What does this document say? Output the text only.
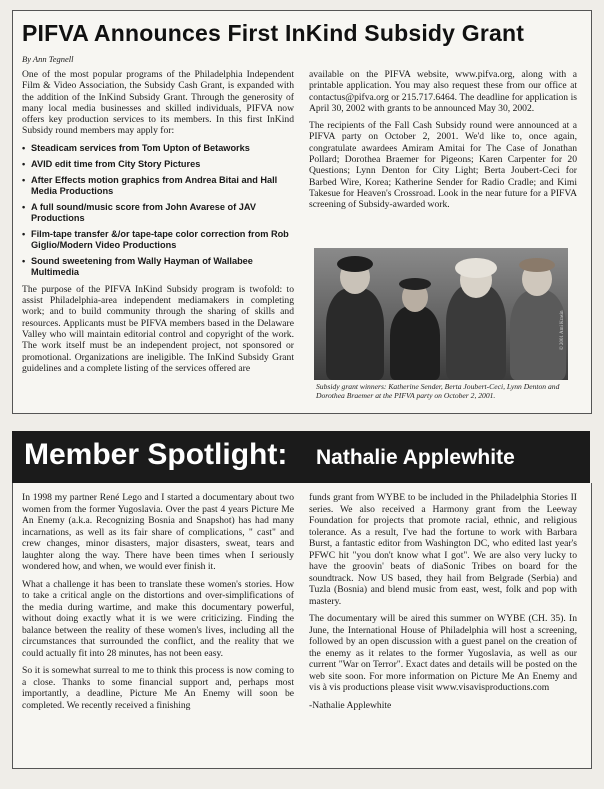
PIFVA Announces First InKind Subsidy Grant
By Ann Tegnell

One of the most popular programs of the Philadelphia Independent Film & Video Association, the Subsidy Cash Grant, is expanded with the addition of the InKind Subsidy Grant. Through the generosity of many local media businesses and skilled individuals, PIFVA now offers key production services to its members. In this first InKind Subsidy round members may apply for:

• Steadicam services from Tom Upton of Betaworks
• AVID edit time from City Story Pictures
• After Effects motion graphics from Andrea Bitai and Hall Media Productions
• A full sound/music score from John Avarese of JAV Productions
• Film-tape transfer &/or tape-tape color correction from Rob Giglio/Modern Video Productions
• Sound sweetening from Wally Hayman of Wallabee Multimedia

The purpose of the PIFVA InKind Subsidy program is twofold: to assist Philadelphia-area independent mediamakers in completing work; and to build community through the sharing of skills and resources. Applicants must be PIFVA members based in the Delaware Valley who will maintain editorial control and copyright of the work. The work itself must be an independent project, not sponsored or promotional. Organizations are ineligible. The InKind Subsidy Grant guidelines and a complete listing of the services offered are

available on the PIFVA website, www.pifva.org, along with a printable application. You may also request these from our office at contactus@pifva.org or 215.717.6464. The deadline for application is April 30, 2002 with grants to be announced May 30, 2002.

The recipients of the Fall Cash Subsidy round were announced at a PIFVA party on October 2, 2001. We'd like to, once again, congratulate awardees Amiram Amitai for The Case of Jonathan Pollard; Dorothea Braemer for Pigeons; Karen Carpenter for 20 Questions; Lynn Denton for City Light; Berta Joubert-Ceci for Barbed Wire, Korea; Katherine Sender for Radio Cradle; and Kimi Takesue for Heaven's Crossroad. Look in the near future for a PIFVA screening of Subsidy-awarded work.

© 2001 Ami Krasin
Subsidy grant winners: Katherine Sender, Berta Joubert-Ceci, Lynn Denton and Dorothea Braemer at the PIFVA party on October 2, 2001.
Member Spotlight: Nathalie Applewhite

In 1998 my partner René Lego and I started a documentary about two women from the former Yugoslavia. Over the past 4 years Picture Me An Enemy (a.k.a. Recognizing Bosnia and Snapshot) has had many incarnations, as well as its fair share of complications, " cast" and crew changes, minor disasters, major disasters, sweat, tears and laughter along the way. There have been times when I seriously wondered how, and when, we would ever finish it.

What a challenge it has been to translate these women's stories. How to take a critical angle on the distortions and over-simplifications of the media during wartime, and make this documentary powerful, without doing exactly what it is we were criticizing. Finding the balance between the reality of these women's lives, including all the circumstances that surrounded the conflict, and the reality that we could actually fit into 28 minutes, has not been easy.

So it is somewhat surreal to me to think this process is now coming to a close. Thanks to some financial support and, perhaps most importantly, a deadline, Picture Me An Enemy will soon be completed. We recently received a finishing

funds grant from WYBE to be included in the Philadelphia Stories II series. We also received a Harmony grant from the Leeway Foundation for projects that promote racial, ethnic, and religious tolerance. As a result, I've had the fortune to work with Barbara Burst, a fantastic editor from Washington DC, who edited last year's PFWC hit "you don't know what I got". We are also very lucky to have the groovin' beats of diaSonic Tribes on board for the soundtrack. Now US based, they hail from Belgrade (Serbia) and Tuzla (Bosnia) and blend music from east, west, folk and pop with mastery.

The documentary will be aired this summer on WYBE (CH. 35). In June, the International House of Philadelphia will host a screening, followed by an open discussion with a guest panel on the creation of the enemy as it relates to the former Yugoslavia, as well as our current "War on Terror". Exact dates and details will be posted on the web site soon. For more information on Picture Me An Enemy and vis à vis productions please visit www.visavisproductions.com

-Nathalie Applewhite
